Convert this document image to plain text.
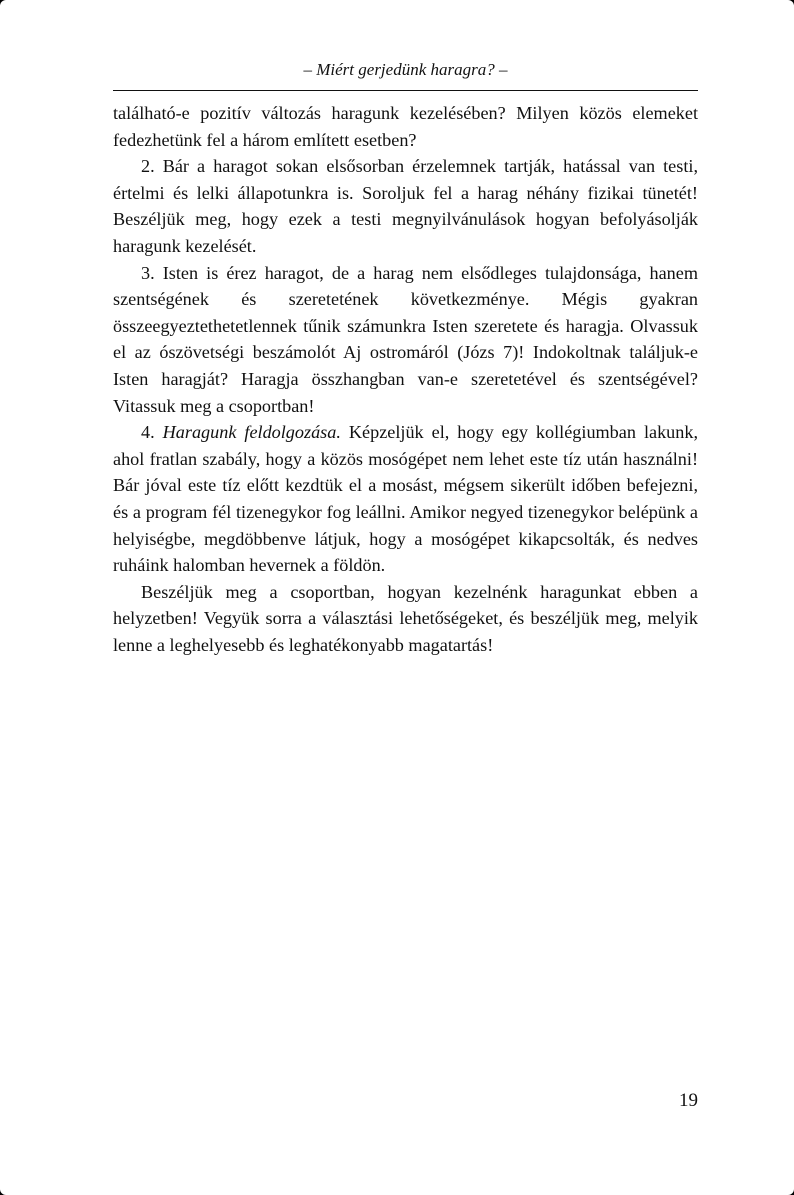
– Miért gerjedünk haragra? –

található-e pozitív változás haragunk kezelésében? Milyen közös elemeket fedezhetünk fel a három említett esetben?

2. Bár a haragot sokan elsősorban érzelemnek tartják, hatással van testi, értelmi és lelki állapotunkra is. Soroljuk fel a harag néhány fizikai tünetét! Beszéljük meg, hogy ezek a testi megnyilvánulások hogyan befolyásolják haragunk kezelését.

3. Isten is érez haragot, de a harag nem elsődleges tulajdonsága, hanem szentségének és szeretetének következménye. Mégis gyakran összeegyeztethetetlennek tűnik számunkra Isten szeretete és haragja. Olvassuk el az ószövetségi beszámolót Aj ostromáról (Józs 7)! Indokoltnak találjuk-e Isten haragját? Haragja összhangban van-e szeretetével és szentségével? Vitassuk meg a csoportban!

4. Haragunk feldolgozása. Képzeljük el, hogy egy kollégiumban lakunk, ahol fratlan szabály, hogy a közös mosógépet nem lehet este tíz után használni! Bár jóval este tíz előtt kezdtük el a mosást, mégsem sikerült időben befejezni, és a program fél tizenegykor fog leállni. Amikor negyed tizenegykor belépünk a helyiségbe, megdöbbenve látjuk, hogy a mosógépet kikapcsolták, és nedves ruháink halomban hevernek a földön.

Beszéljük meg a csoportban, hogyan kezelnénk haragunkat ebben a helyzetben! Vegyük sorra a választási lehetőségeket, és beszéljük meg, melyik lenne a leghelyesebb és leghatékonyabb magatartás!

19
